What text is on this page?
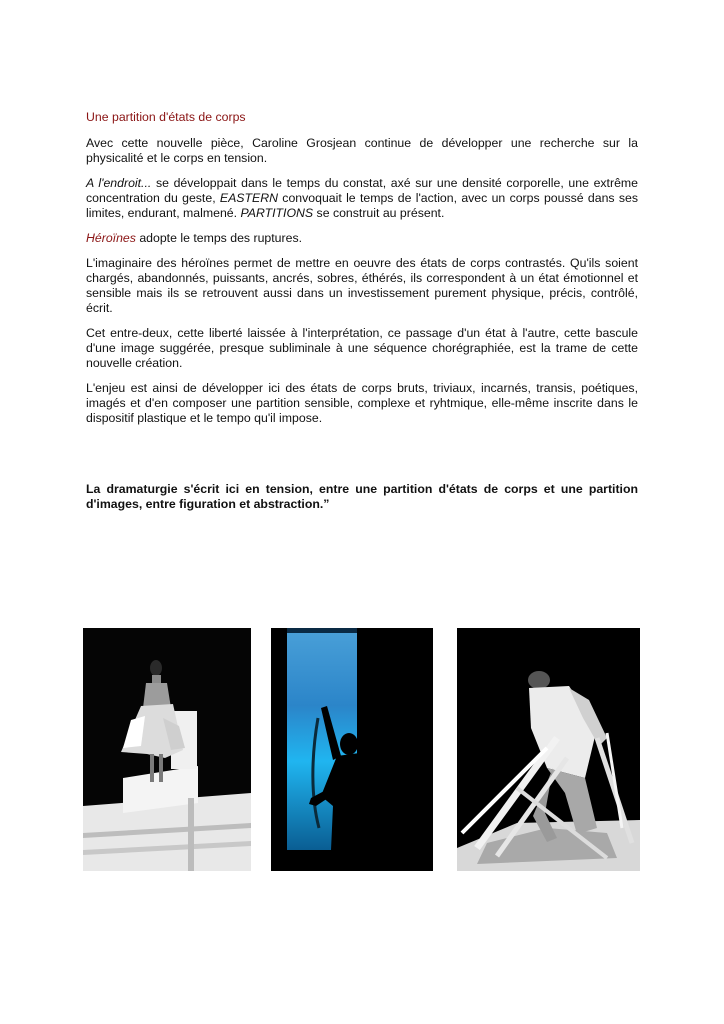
Une partition d'états de corps

Avec cette nouvelle pièce, Caroline Grosjean continue de développer une recherche sur la physicalité et le corps en tension.

A l'endroit... se développait dans le temps du constat, axé sur une densité corporelle, une extrême concentration du geste, EASTERN convoquait le temps de l'action, avec un corps poussé dans ses limites, endurant, malmené. PARTITIONS se construit au présent.

Héroïnes adopte le temps des ruptures.

L'imaginaire des héroïnes permet de mettre en oeuvre des états de corps contrastés. Qu'ils soient chargés, abandonnés, puissants, ancrés, sobres, éthérés, ils correspondent à un état émotionnel et sensible mais ils se retrouvent aussi dans un investissement purement physique, précis, contrôlé, écrit.

Cet entre-deux, cette liberté laissée à l'interprétation, ce passage d'un état à l'autre, cette bascule d'une image suggérée, presque subliminale à une séquence chorégraphiée, est la trame de cette nouvelle création.

L'enjeu est ainsi de développer ici des états de corps bruts, triviaux, incarnés, transis, poétiques, imagés et d'en composer une partition sensible, complexe et ryhtmique, elle-même inscrite dans le dispositif plastique et le tempo qu'il impose.

La dramaturgie s'écrit ici en tension, entre une partition d'états de corps et une partition d'images, entre figuration et abstraction.”
